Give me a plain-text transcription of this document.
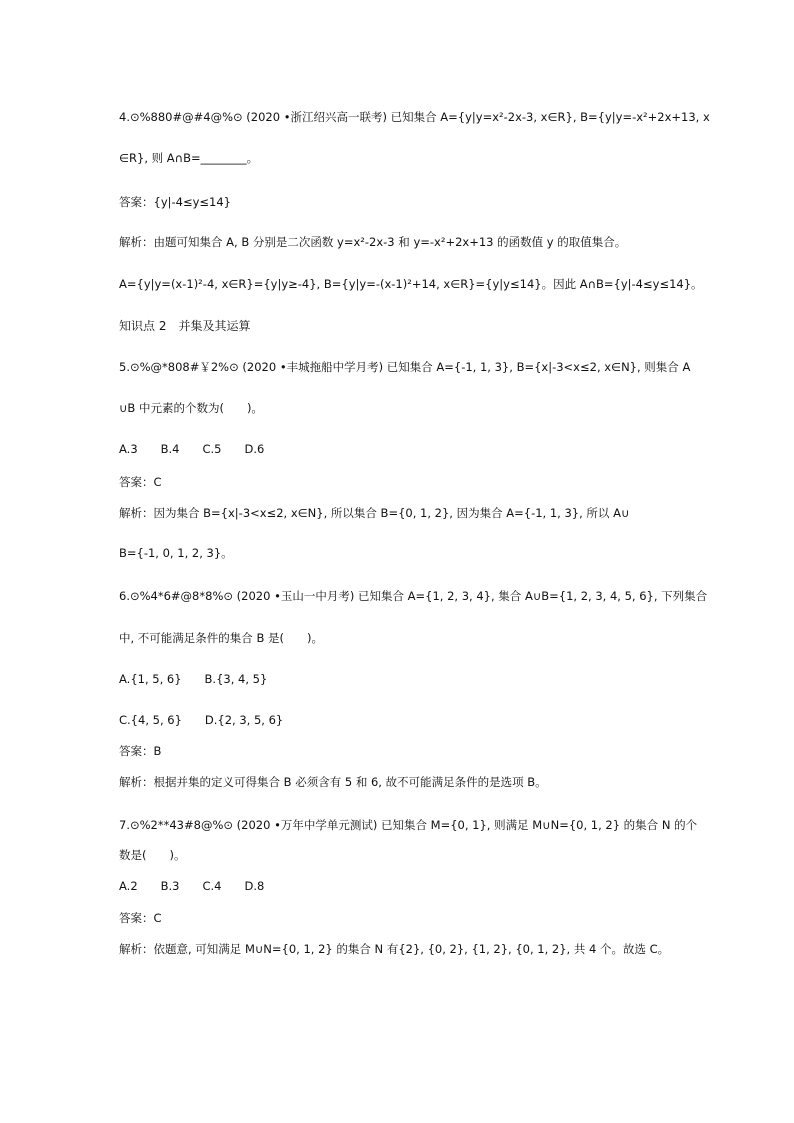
4.⊙%880#@#4@%⊙ (2020 •浙江绍兴高一联考) 已知集合 A={y|y=x²-2x-3, x∈R}, B={y|y=-x²+2x+13, x
∈R}, 则 A∩B=________。
答案：{y|-4≤y≤14}
解析：由题可知集合 A, B 分别是二次函数 y=x²-2x-3 和 y=-x²+2x+13 的函数值 y 的取值集合。
A={y|y=(x-1)²-4, x∈R}={y|y≥-4}, B={y|y=-(x-1)²+14, x∈R}={y|y≤14}。因此 A∩B={y|-4≤y≤14}。
知识点 2　并集及其运算
5.⊙%@*808#￥2%⊙ (2020 •丰城拖船中学月考) 已知集合 A={-1, 1, 3}, B={x|-3<x≤2, x∈N}, 则集合 A
∪B 中元素的个数为(　　)。
A.3　　B.4　　C.5　　D.6
答案：C
解析：因为集合 B={x|-3<x≤2, x∈N}, 所以集合 B={0, 1, 2}, 因为集合 A={-1, 1, 3}, 所以 A∪
B={-1, 0, 1, 2, 3}。
6.⊙%4*6#@8*8%⊙ (2020 •玉山一中月考) 已知集合 A={1, 2, 3, 4}, 集合 A∪B={1, 2, 3, 4, 5, 6}, 下列集合
中, 不可能满足条件的集合 B 是(　　)。
A.{1, 5, 6}　　B.{3, 4, 5}
C.{4, 5, 6}　　D.{2, 3, 5, 6}
答案：B
解析：根据并集的定义可得集合 B 必须含有 5 和 6, 故不可能满足条件的是选项 B。
7.⊙%2**43#8@%⊙ (2020 •万年中学单元测试) 已知集合 M={0, 1}, 则满足 M∪N={0, 1, 2} 的集合 N 的个
数是(　　)。
A.2　　B.3　　C.4　　D.8
答案：C
解析：依题意, 可知满足 M∪N={0, 1, 2} 的集合 N 有{2}, {0, 2}, {1, 2}, {0, 1, 2}, 共 4 个。故选 C。
